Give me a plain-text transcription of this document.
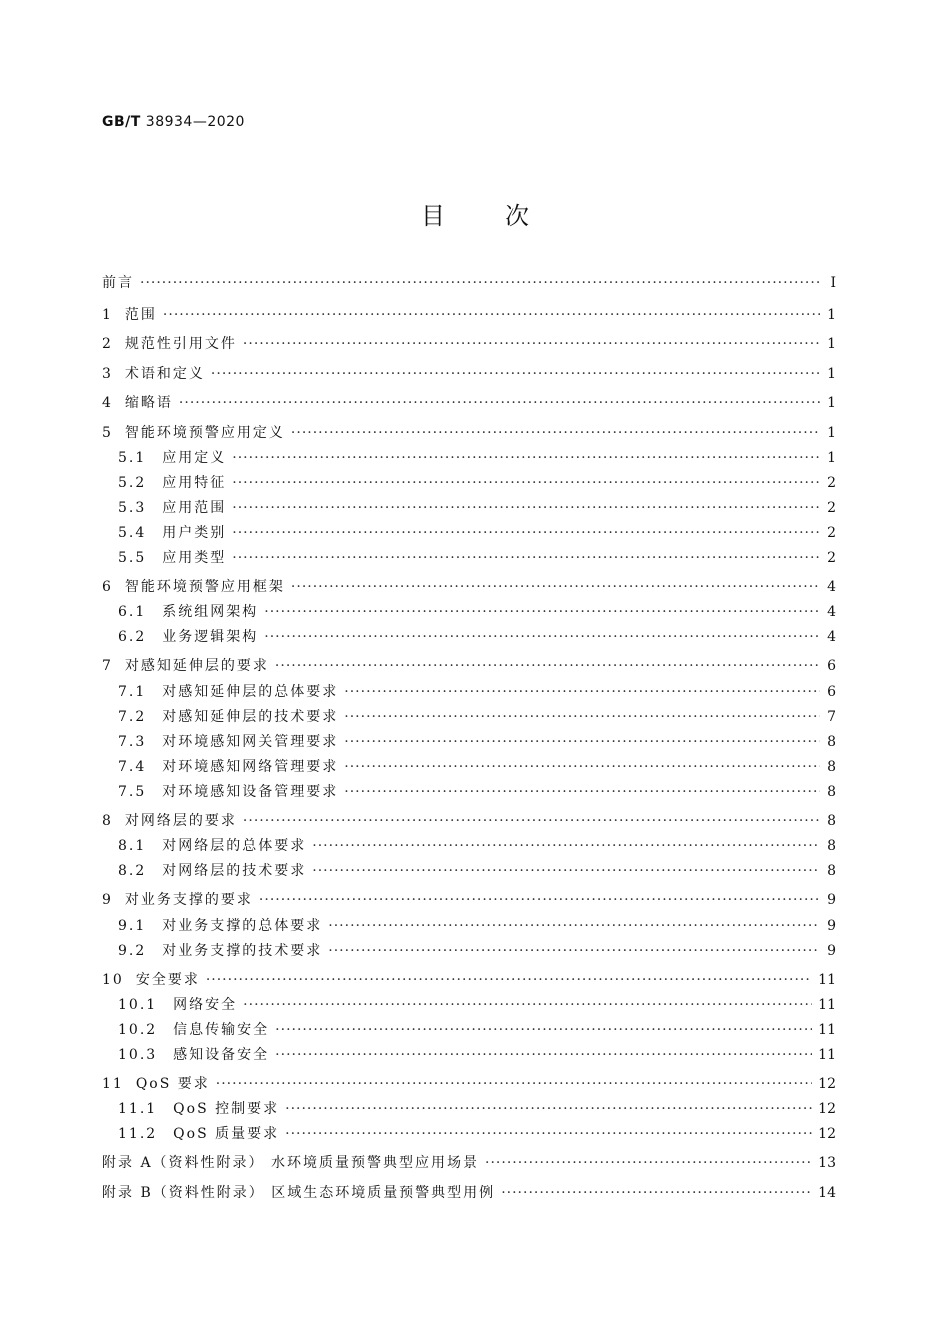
GB/T 38934—2020
目次
前言 ·····	Ⅰ
1 范围 ·····	1
2 规范性引用文件 ·····	1
3 术语和定义 ·····	1
4 缩略语 ·····	1
5 智能环境预警应用定义 ·····	1
5.1 应用定义 ·····	1
5.2 应用特征 ·····	2
5.3 应用范围 ·····	2
5.4 用户类别 ·····	2
5.5 应用类型 ·····	2
6 智能环境预警应用框架 ·····	4
6.1 系统组网架构 ·····	4
6.2 业务逻辑架构 ·····	4
7 对感知延伸层的要求 ·····	6
7.1 对感知延伸层的总体要求 ·····	6
7.2 对感知延伸层的技术要求 ·····	7
7.3 对环境感知网关管理要求 ·····	8
7.4 对环境感知网络管理要求 ·····	8
7.5 对环境感知设备管理要求 ·····	8
8 对网络层的要求 ·····	8
8.1 对网络层的总体要求 ·····	8
8.2 对网络层的技术要求 ·····	8
9 对业务支撑的要求 ·····	9
9.1 对业务支撑的总体要求 ·····	9
9.2 对业务支撑的技术要求 ·····	9
10 安全要求 ·····	11
10.1 网络安全 ·····	11
10.2 信息传输安全 ·····	11
10.3 感知设备安全 ·····	11
11 QoS 要求 ·····	12
11.1 QoS 控制要求 ·····	12
11.2 QoS 质量要求 ·····	12
附录 A（资料性附录） 水环境质量预警典型应用场景 ·····	13
附录 B（资料性附录） 区域生态环境质量预警典型用例 ·····	14
